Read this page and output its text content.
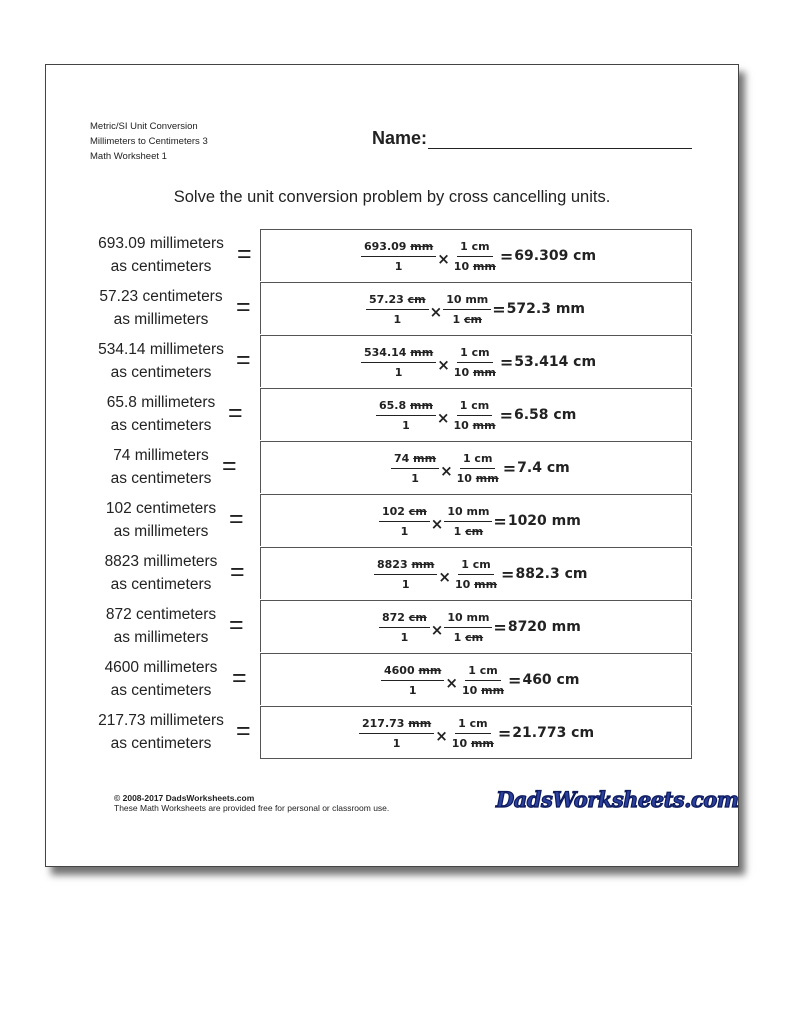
Metric/SI Unit Conversion
Millimeters to Centimeters 3
Math Worksheet 1
Name:
Solve the unit conversion problem by cross cancelling units.
693.09 millimeters
as centimeters	=	$\frac{693.09 mm}{1} \times \frac{1 cm}{10 mm} = 69.309$ cm
57.23 centimeters
as millimeters	=	$\frac{57.23 cm}{1} \times \frac{10 mm}{1 cm} = 572.3$ mm
534.14 millimeters
as centimeters =	$\frac{534.14 mm}{1} \times \frac{1 cm}{10 mm} = 53.414$ cm
65.8 millimeters
as centimeters =	$\frac{65.8 mm}{1} \times \frac{1 cm}{10 mm} = 6.58$ cm
74 millimeters
as centimeters =	$\frac{74 mm}{1} \times \frac{1 cm}{10 mm} = 7.4$ cm
102 centimeters
as millimeters =	$\frac{102 cm}{1} \times \frac{10 mm}{1 cm} = 1020$ mm
8823 millimeters
as centimeters =	$\frac{8823 mm}{1} \times \frac{1 cm}{10 mm} = 882.3$ cm
872 centimeters
as millimeters =	$\frac{872 cm}{1} \times \frac{10 mm}{1 cm} = 8720$ mm
4600 millimeters
as centimeters =	$\frac{4600 mm}{1} \times \frac{1 cm}{10 mm} = 460$ cm
217.73 millimeters
as centimeters =	$\frac{217.73 mm}{1} \times \frac{1 cm}{10 mm} = 21.773$ cm
© 2008-2017 DadsWorksheets.com
These Math Worksheets are provided free for personal or classroom use.	DadsWorksheets.com
